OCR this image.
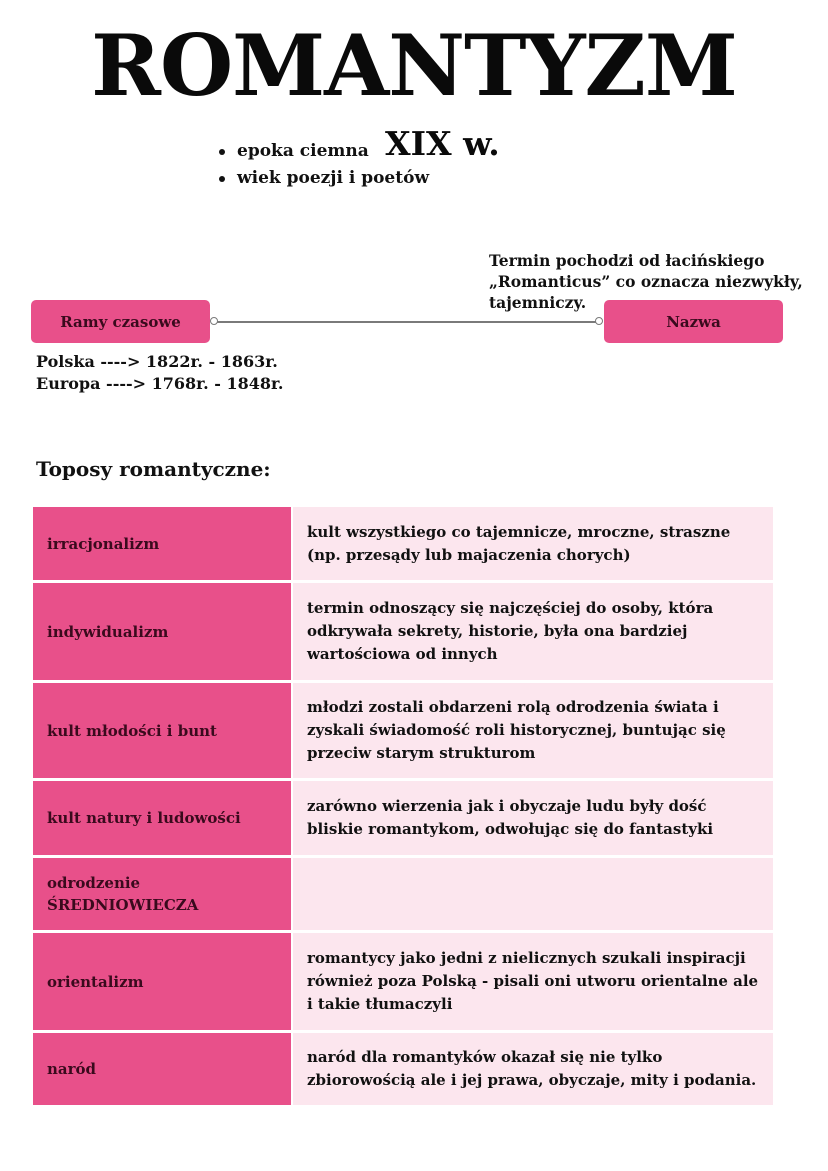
ROMANTYZM
epoka ciemna
wiek poezji i poetów
XIX w.
Termin pochodzi od łacińskiego „Romanticus” co oznacza niezwykły, tajemniczy.
Ramy czasowe	Nazwa
Polska ----> 1822r. - 1863r.
Europa ----> 1768r. - 1848r.
Toposy romantyczne:
irracjonalizm
kult wszystkiego co tajemnicze, mroczne, straszne (np. przesądy lub majaczenia chorych)
indywidualizm
termin odnoszący się najczęściej do osoby, która odkrywała sekrety, historie, była ona bardziej wartościowa od innych
kult młodości i bunt
młodzi zostali obdarzeni rolą odrodzenia świata i zyskali świadomość roli historycznej, buntując się przeciw starym strukturom
kult natury i ludowości
zarówno wierzenia jak i obyczaje ludu były dość bliskie romantykom, odwołując się do fantastyki
odrodzenie ŚREDNIOWIECZA
orientalizm
romantycy jako jedni z nielicznych szukali inspiracji również poza Polską - pisali oni utworu orientalne ale i takie tłumaczyli
naród
naród dla romantyków okazał się nie tylko zbiorowością ale i jej prawa, obyczaje, mity i podania.
